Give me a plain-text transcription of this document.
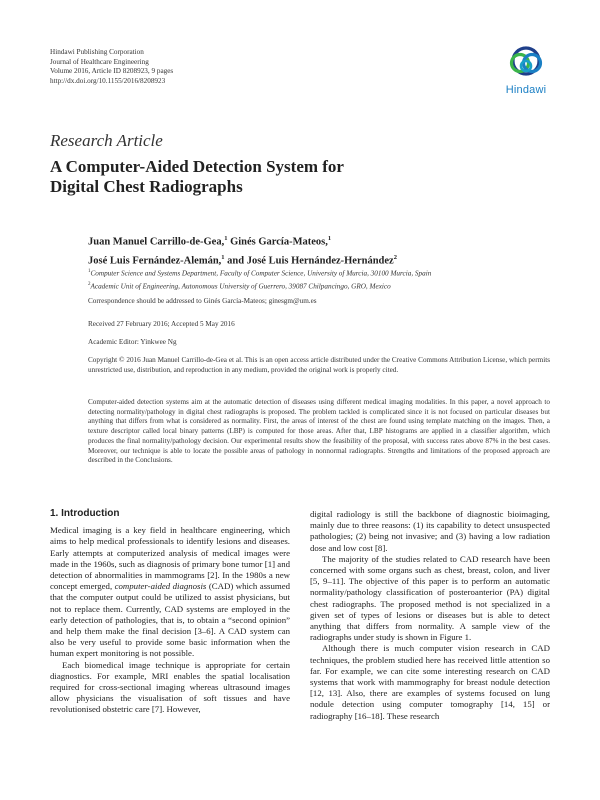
Hindawi Publishing Corporation
Journal of Healthcare Engineering
Volume 2016, Article ID 8208923, 9 pages
http://dx.doi.org/10.1155/2016/8208923
Hindawi
Research Article
A Computer-Aided Detection System for
Digital Chest Radiographs
Juan Manuel Carrillo-de-Gea,$^1$ Ginés García-Mateos,$^1$
José Luis Fernández-Alemán,$^1$ and José Luis Hernández-Hernández$^2$
$^1$Computer Science and Systems Department, Faculty of Computer Science, University of Murcia, 30100 Murcia, Spain
$^2$Academic Unit of Engineering, Autonomous University of Guerrero, 39087 Chilpancingo, GRO, Mexico
Correspondence should be addressed to Ginés García-Mateos; ginesgm@um.es
Received 27 February 2016; Accepted 5 May 2016
Academic Editor: Yinkwee Ng
Copyright © 2016 Juan Manuel Carrillo-de-Gea et al. This is an open access article distributed under the Creative Commons Attribution License, which permits unrestricted use, distribution, and reproduction in any medium, provided the original work is properly cited.
Computer-aided detection systems aim at the automatic detection of diseases using different medical imaging modalities. In this paper, a novel approach to detecting normality/pathology in digital chest radiographs is proposed. The problem tackled is complicated since it is not focused on particular diseases but anything that differs from what is considered as normality. First, the areas of interest of the chest are found using template matching on the images. Then, a texture descriptor called local binary patterns (LBP) is computed for those areas. After that, LBP histograms are applied in a classifier algorithm, which produces the final normality/pathology decision. Our experimental results show the feasibility of the proposal, with success rates above 87% in the best cases. Moreover, our technique is able to locate the possible areas of pathology in nonnormal radiographs. Strengths and limitations of the proposed approach are described in the Conclusions.
1. Introduction

Medical imaging is a key field in healthcare engineering, which aims to help medical professionals to identify lesions and diseases. Early attempts at computerized analysis of medical images were made in the 1960s, such as diagnosis of primary bone tumor [1] and detection of abnormalities in mammograms [2]. In the 1980s a new concept emerged, computer-aided diagnosis (CAD) which assumed that the computer output could be utilized to assist physicians, but not to replace them. Currently, CAD systems are employed in the early detection of pathologies, that is, to obtain a “second opinion” and help them make the final decision [3–6]. A CAD system can also be very useful to provide some basic information when the human expert monitoring is not possible.

Each biomedical image technique is appropriate for certain diagnostics. For example, MRI enables the spatial localisation required for cross-sectional imaging whereas ultrasound images allow physicians the visualisation of soft tissues and have revolutionised obstetric care [7]. However,

digital radiology is still the backbone of diagnostic bioimaging, mainly due to three reasons: (1) its capability to detect unsuspected pathologies; (2) being not invasive; and (3) having a low radiation dose and low cost [8].

The majority of the studies related to CAD research have been concerned with some organs such as chest, breast, colon, and liver [5, 9–11]. The objective of this paper is to perform an automatic normality/pathology classification of posteroanterior (PA) digital chest radiographs. The proposed method is not specialized in a given set of types of lesions or diseases but is able to detect anything that differs from normality. A sample view of the radiographs under study is shown in Figure 1.

Although there is much computer vision research in CAD techniques, the problem studied here has received little attention so far. For example, we can cite some interesting research on CAD systems that work with mammography for breast nodule detection [12, 13]. Also, there are examples of systems focused on lung nodule detection using computer tomography [14, 15] or radiography [16–18]. These research
